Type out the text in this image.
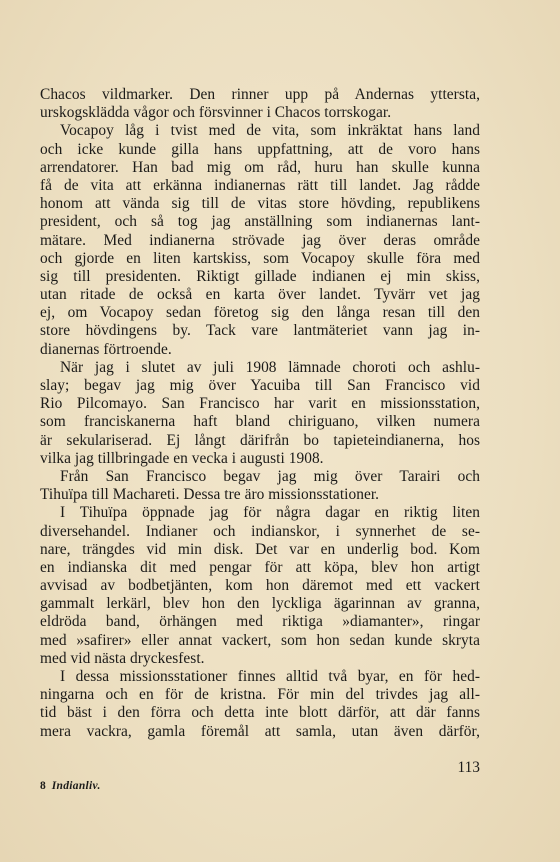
Chacos vildmarker. Den rinner upp på Andernas yttersta,
urskogsklädda vågor och försvinner i Chacos torrskogar.
Vocapoy låg i tvist med de vita, som inkräktat hans land
och icke kunde gilla hans uppfattning, att de voro hans
arrendatorer. Han bad mig om råd, huru han skulle kunna
få de vita att erkänna indianernas rätt till landet. Jag rådde
honom att vända sig till de vitas store hövding, republikens
president, och så tog jag anställning som indianernas lant-
mätare. Med indianerna strövade jag över deras område
och gjorde en liten kartskiss, som Vocapoy skulle föra med
sig till presidenten. Riktigt gillade indianen ej min skiss,
utan ritade de också en karta över landet. Tyvärr vet jag
ej, om Vocapoy sedan företog sig den långa resan till den
store hövdingens by. Tack vare lantmäteriet vann jag in-
dianernas förtroende.
När jag i slutet av juli 1908 lämnade choroti och ashlu-
slay; begav jag mig över Yacuiba till San Francisco vid
Rio Pilcomayo. San Francisco har varit en missionsstation,
som franciskanerna haft bland chiriguano, vilken numera
är sekulariserad. Ej långt därifrån bo tapieteindianerna, hos
vilka jag tillbringade en vecka i augusti 1908.
Från San Francisco begav jag mig över Tarairi och
Tihuïpa till Machareti. Dessa tre äro missionsstationer.
I Tihuïpa öppnade jag för några dagar en riktig liten
diversehandel. Indianer och indianskor, i synnerhet de se-
nare, trängdes vid min disk. Det var en underlig bod. Kom
en indianska dit med pengar för att köpa, blev hon artigt
avvisad av bodbetjänten, kom hon däremot med ett vackert
gammalt lerkärl, blev hon den lyckliga ägarinnan av granna,
eldröda band, örhängen med riktiga »diamanter», ringar
med »safirer» eller annat vackert, som hon sedan kunde skryta
med vid nästa dryckesfest.
I dessa missionsstationer finnes alltid två byar, en för hed-
ningarna och en för de kristna. För min del trivdes jag all-
tid bäst i den förra och detta inte blott därför, att där fanns
mera vackra, gamla föremål att samla, utan även därför,
113
8 Indianliv.
